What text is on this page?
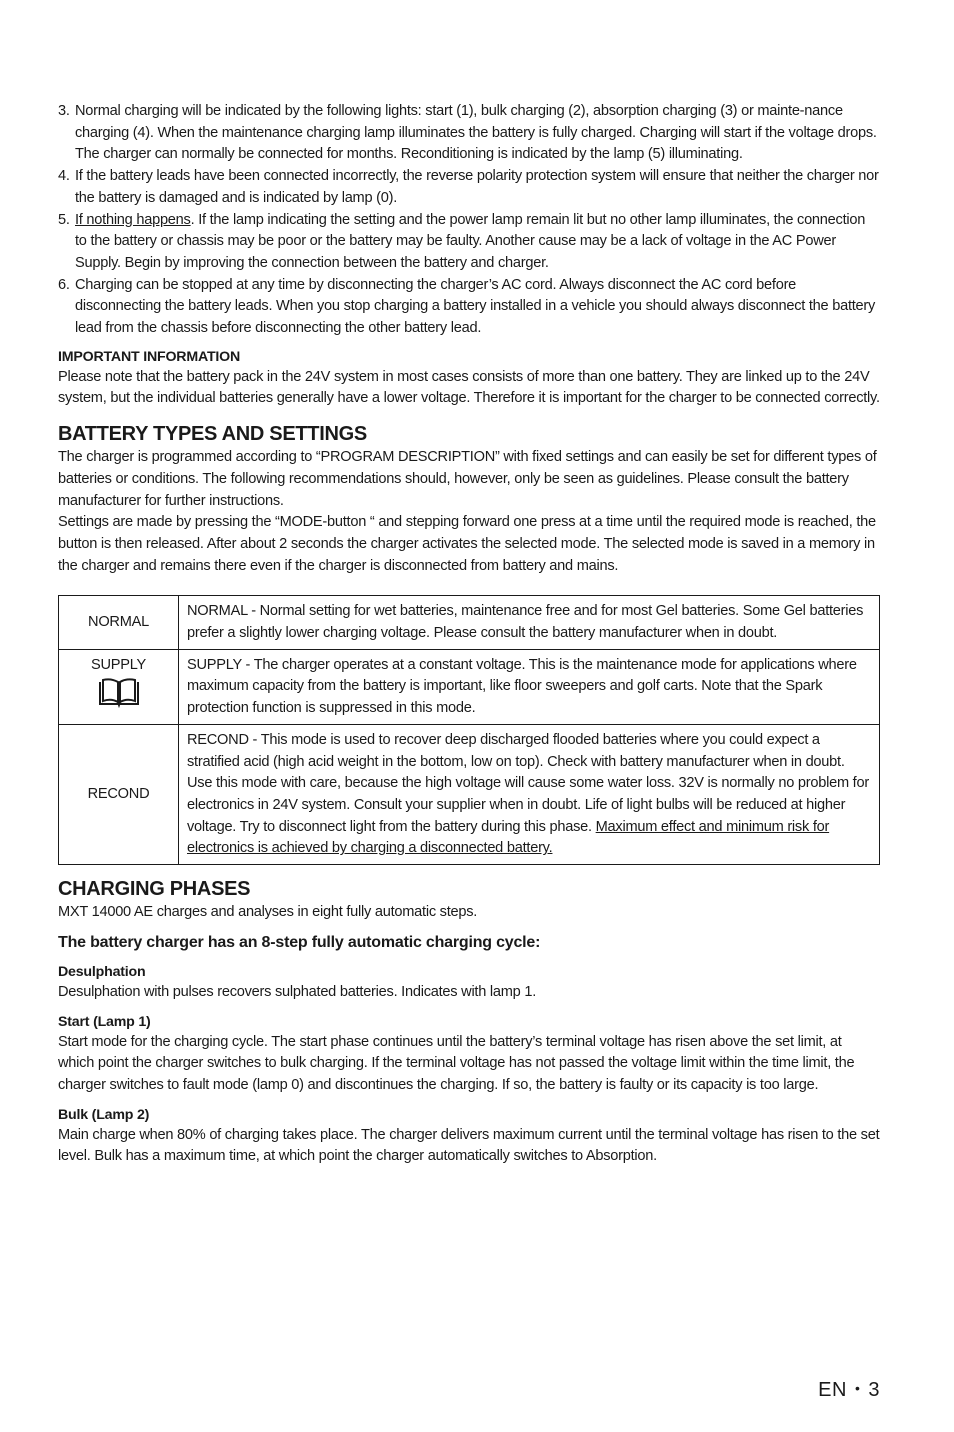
3. Normal charging will be indicated by the following lights: start (1), bulk charging (2), absorption charging (3) or mainte-nance charging (4). When the maintenance charging lamp illuminates the battery is fully charged. Charging will start if the voltage drops. The charger can normally be connected for months. Reconditioning is indicated by the lamp (5) illuminating.
4. If the battery leads have been connected incorrectly, the reverse polarity protection system will ensure that neither the charger nor the battery is damaged and is indicated by lamp (0).
5. If nothing happens. If the lamp indicating the setting and the power lamp remain lit but no other lamp illuminates, the connection to the battery or chassis may be poor or the battery may be faulty. Another cause may be a lack of voltage in the AC Power Supply. Begin by improving the connection between the battery and charger.
6. Charging can be stopped at any time by disconnecting the charger’s AC cord. Always disconnect the AC cord before disconnecting the battery leads. When you stop charging a battery installed in a vehicle you should always disconnect the battery lead from the chassis before disconnecting the other battery lead.
IMPORTANT INFORMATION
Please note that the battery pack in the 24V system in most cases consists of more than one battery. They are linked up to the 24V system, but the individual batteries generally have a lower voltage. Therefore it is important for the charger to be connected correctly.
BATTERY TYPES AND SETTINGS
The charger is programmed according to “PROGRAM DESCRIPTION” with fixed settings and can easily be set for different types of batteries or conditions. The following recommendations should, however, only be seen as guidelines. Please consult the battery manufacturer for further instructions.
Settings are made by pressing the “MODE-button “ and stepping forward one press at a time until the required mode is reached, the button is then released. After about 2 seconds the charger activates the selected mode. The selected mode is saved in a memory in the charger and remains there even if the charger is disconnected from battery and mains.
NORMAL	NORMAL - Normal setting for wet batteries, maintenance free and for most Gel batteries. Some Gel batteries prefer a slightly lower charging voltage. Please consult the battery manufacturer when in doubt.

SUPPLY	SUPPLY - The charger operates at a constant voltage. This is the maintenance mode for applications where maximum capacity from the battery is important, like floor sweepers and golf carts. Note that the Spark protection function is suppressed in this mode.
RECOND	RECOND - This mode is used to recover deep discharged flooded batteries where you could expect a stratified acid (high acid weight in the bottom, low on top). Check with battery manufacturer when in doubt.
Use this mode with care, because the high voltage will cause some water loss. 32V is normally no problem for electronics in 24V system. Consult your supplier when in doubt. Life of light bulbs will be reduced at higher voltage. Try to disconnect light from the battery during this phase. Maximum effect and minimum risk for electronics is achieved by charging a disconnected battery.
CHARGING PHASES
MXT 14000 AE charges and analyses in eight fully automatic steps.
The battery charger has an 8-step fully automatic charging cycle:
Desulphation
Desulphation with pulses recovers sulphated batteries. Indicates with lamp 1.
Start (Lamp 1)
Start mode for the charging cycle. The start phase continues until the battery’s terminal voltage has risen above the set limit, at which point the charger switches to bulk charging. If the terminal voltage has not passed the voltage limit within the time limit, the charger switches to fault mode (lamp 0) and discontinues the charging. If so, the battery is faulty or its capacity is too large.
Bulk (Lamp 2)
Main charge when 80% of charging takes place. The charger delivers maximum current until the terminal voltage has risen to the set level. Bulk has a maximum time, at which point the charger automatically switches to Absorption.
EN • 3
